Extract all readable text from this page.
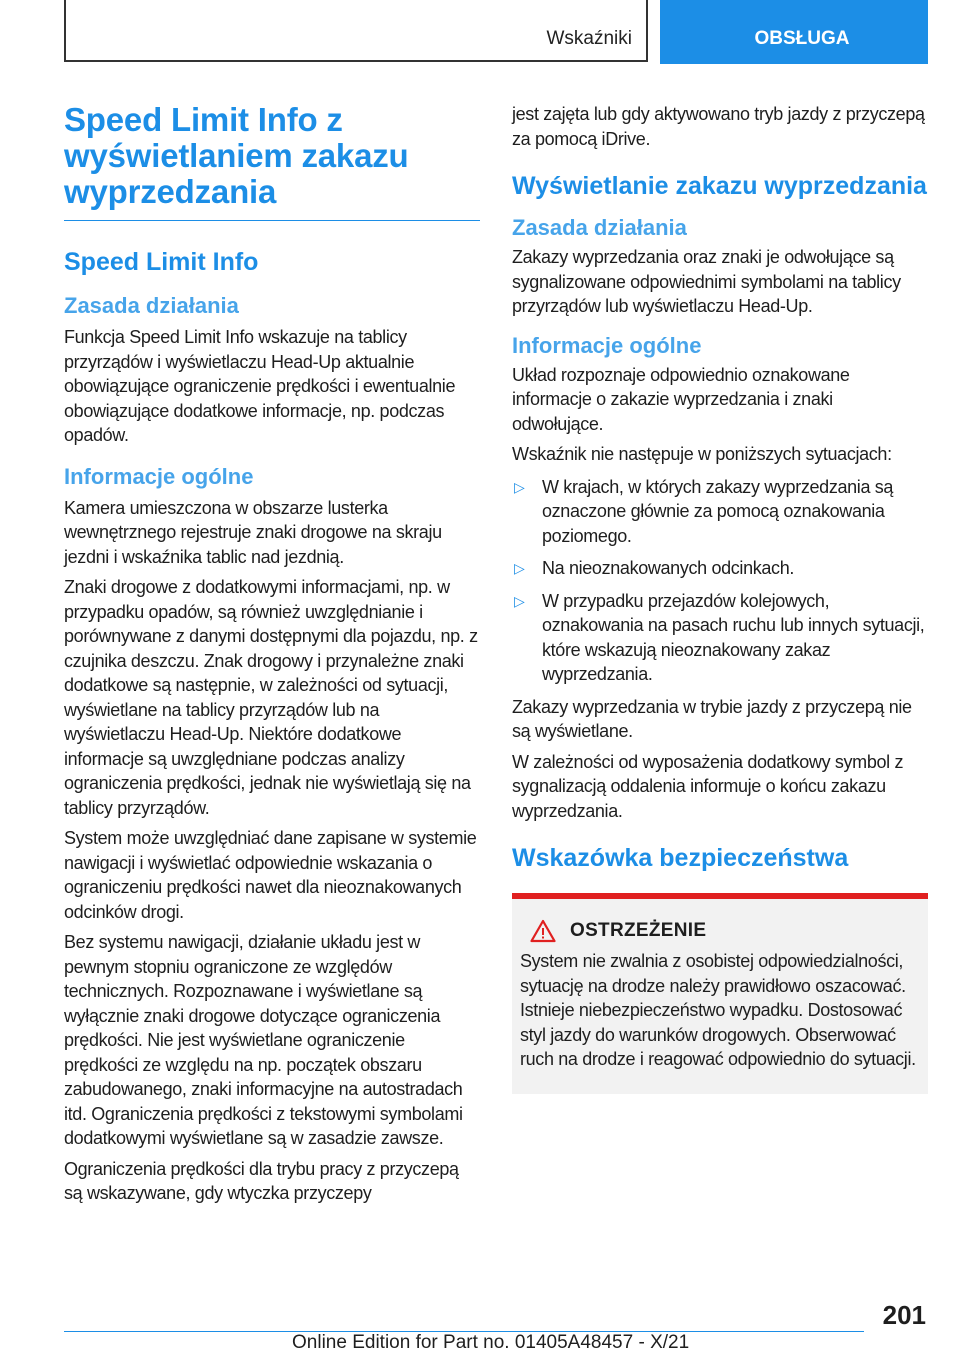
Wskaźniki	OBSŁUGA
Speed Limit Info z wyświetlaniem zakazu wyprzedzania
Speed Limit Info
Zasada działania

Funkcja Speed Limit Info wskazuje na tablicy przyrządów i wyświetlaczu Head-Up aktualnie obowiązujące ograniczenie prędkości i ewentualnie obowiązujące dodatkowe informacje, np. podczas opadów.

Informacje ogólne

Kamera umieszczona w obszarze lusterka wewnętrznego rejestruje znaki drogowe na skraju jezdni i wskaźnika tablic nad jezdnią.

Znaki drogowe z dodatkowymi informacjami, np. w przypadku opadów, są również uwzględnianie i porównywane z danymi dostępnymi dla pojazdu, np. z czujnika deszczu. Znak drogowy i przynależne znaki dodatkowe są następnie, w zależności od sytuacji, wyświetlane na tablicy przyrządów lub na wyświetlaczu Head-Up. Niektóre dodatkowe informacje są uwzględniane podczas analizy ograniczenia prędkości, jednak nie wyświetlają się na tablicy przyrządów.

System może uwzględniać dane zapisane w systemie nawigacji i wyświetlać odpowiednie wskazania o ograniczeniu prędkości nawet dla nieoznakowanych odcinków drogi.

Bez systemu nawigacji, działanie układu jest w pewnym stopniu ograniczone ze względów technicznych. Rozpoznawane i wyświetlane są wyłącznie znaki drogowe dotyczące ograniczenia prędkości. Nie jest wyświetlane ograniczenie prędkości ze względu na np. początek obszaru zabudowanego, znaki informacyjne na autostradach itd. Ograniczenia prędkości z tekstowymi symbolami dodatkowymi wyświetlane są w zasadzie zawsze.

Ograniczenia prędkości dla trybu pracy z przyczepą są wskazywane, gdy wtyczka przyczepy

jest zajęta lub gdy aktywowano tryb jazdy z przyczepą za pomocą iDrive.

Wyświetlanie zakazu wyprzedzania
Zasada działania

Zakazy wyprzedzania oraz znaki je odwołujące są sygnalizowane odpowiednimi symbolami na tablicy przyrządów lub wyświetlaczu Head-Up.

Informacje ogólne

Układ rozpoznaje odpowiednio oznakowane informacje o zakazie wyprzedzania i znaki odwołujące.

Wskaźnik nie następuje w poniższych sytuacjach:

▷ W krajach, w których zakazy wyprzedzania są oznaczone głównie za pomocą oznakowania poziomego.
▷ Na nieoznakowanych odcinkach.
▷ W przypadku przejazdów kolejowych, oznakowania na pasach ruchu lub innych sytuacji, które wskazują nieoznakowany zakaz wyprzedzania.

Zakazy wyprzedzania w trybie jazdy z przyczepą nie są wyświetlane.

W zależności od wyposażenia dodatkowy symbol z sygnalizacją oddalenia informuje o końcu zakazu wyprzedzania.

Wskazówka bezpieczeństwa
OSTRZEŻENIE

System nie zwalnia z osobistej odpowiedzialności, sytuację na drodze należy prawidłowo oszacować. Istnieje niebezpieczeństwo wypadku. Dostosować styl jazdy do warunków drogowych. Obserwować ruch na drodze i reagować odpowiednio do sytuacji.

201
Online Edition for Part no. 01405A48457 - X/21
